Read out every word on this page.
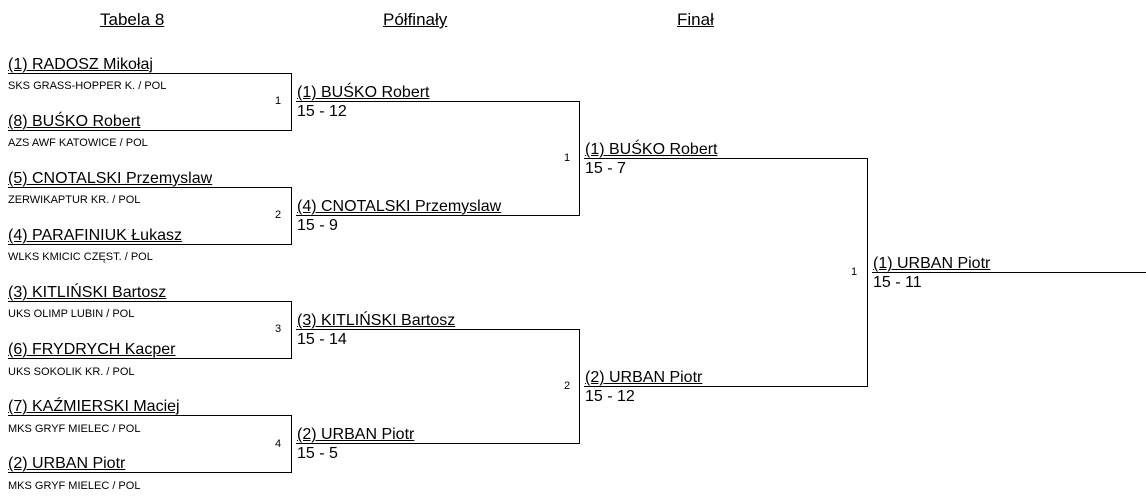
Tabela 8	Półfinały	Finał
(1) RADOSZ Mikołaj
SKS GRASS-HOPPER K. / POL
(8) BUŚKO Robert
AZS AWF KATOWICE / POL
(5) CNOTALSKI Przemyslaw
ZERWIKAPTUR KR. / POL
(4) PARAFINIUK Łukasz
WLKS KMICIC CZĘST. / POL
(3) KITLIŃSKI Bartosz
UKS OLIMP LUBIN / POL
(6) FRYDRYCH Kacper
UKS SOKOLIK KR. / POL
(7) KAŹMIERSKI Maciej
MKS GRYF MIELEC / POL
(2) URBAN Piotr
MKS GRYF MIELEC / POL
1
2
3
4
(1) BUŚKO Robert
15 - 12
(4) CNOTALSKI Przemyslaw
15 - 9
(3) KITLIŃSKI Bartosz
15 - 14
(2) URBAN Piotr
15 - 5
1
2
(1) BUŚKO Robert
15 - 7
(2) URBAN Piotr
15 - 12
1 (1) URBAN Piotr
15 - 11
